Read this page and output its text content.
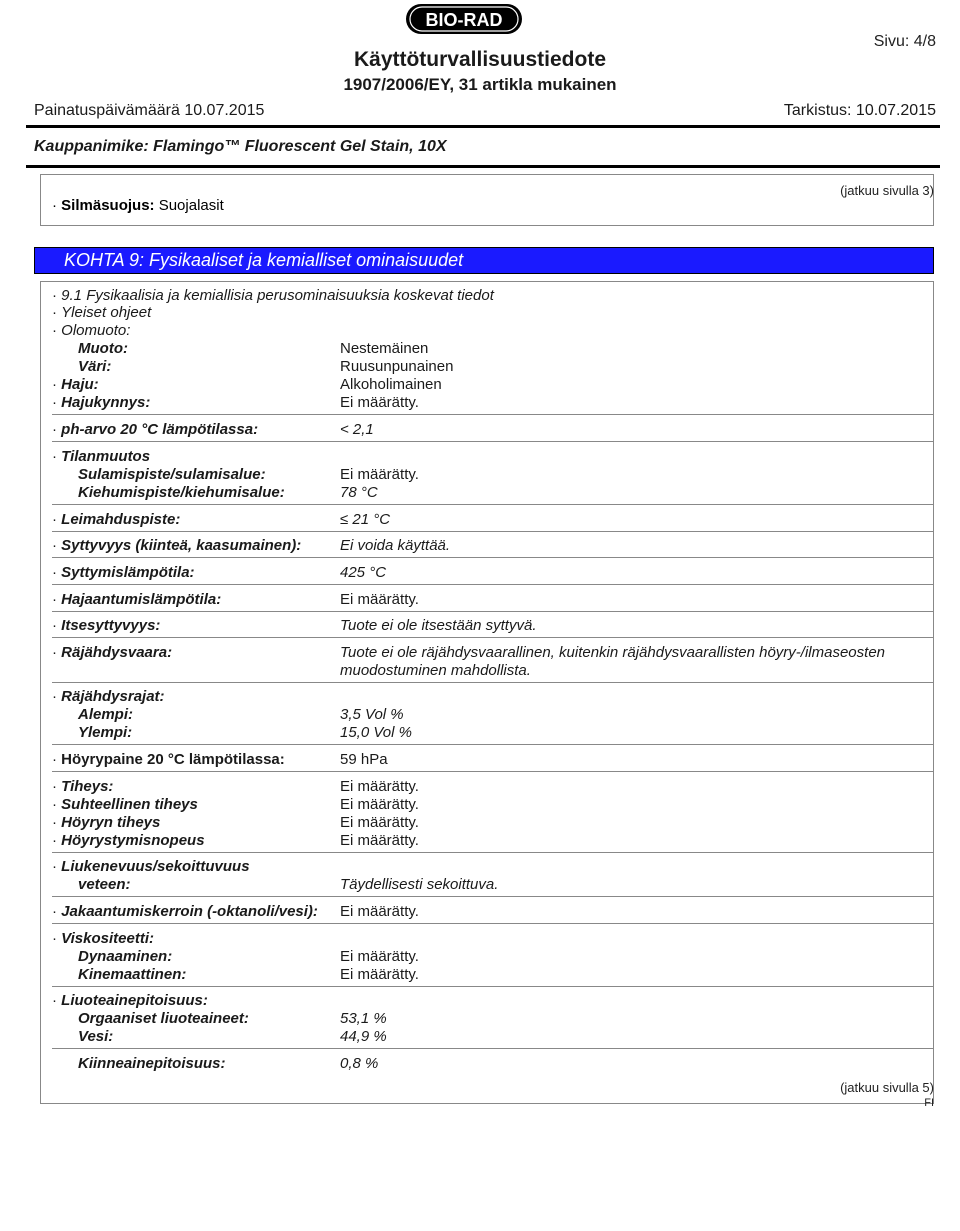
BIO-RAD
Sivu: 4/8
Käyttöturvallisuustiedote
1907/2006/EY, 31 artikla mukainen
Painatuspäivämäärä 10.07.2015	Tarkistus: 10.07.2015
Kauppanimike: Flamingo™ Fluorescent Gel Stain, 10X
(jatkuu sivulla 3)
· Silmäsuojus: Suojalasit
KOHTA 9: Fysikaaliset ja kemialliset ominaisuudet
· 9.1 Fysikaalisia ja kemiallisia perusominaisuuksia koskevat tiedot
· Yleiset ohjeet
· Olomuoto:
Muoto:	Nestemäinen
Väri:	Ruusunpunainen
· Haju:	Alkoholimainen
· Hajukynnys:	Ei määrätty.
· ph-arvo 20 °C lämpötilassa:	< 2,1
· Tilanmuutos
Sulamispiste/sulamisalue:	Ei määrätty.
Kiehumispiste/kiehumisalue:	78 °C
· Leimahduspiste:	≤ 21 °C
· Syttyvyys (kiinteä, kaasumainen):	Ei voida käyttää.
· Syttymislämpötila:	425 °C
· Hajaantumislämpötila:	Ei määrätty.
· Itsesyttyvyys:	Tuote ei ole itsestään syttyvä.
· Räjähdysvaara:	Tuote ei ole räjähdysvaarallinen, kuitenkin räjähdysvaarallisten höyry-/ilmaseosten
muodostuminen mahdollista.
· Räjähdysrajat:
Alempi:	3,5 Vol %
Ylempi:	15,0 Vol %
· Höyrypaine 20 °C lämpötilassa:	59 hPa
· Tiheys:	Ei määrätty.
· Suhteellinen tiheys	Ei määrätty.
· Höyryn tiheys	Ei määrätty.
· Höyrystymisnopeus	Ei määrätty.
· Liukenevuus/sekoittuvuus
veteen:	Täydellisesti sekoittuva.
· Jakaantumiskerroin (-oktanoli/vesi): Ei määrätty.
· Viskositeetti:
Dynaaminen:	Ei määrätty.
Kinemaattinen:	Ei määrätty.
· Liuoteainepitoisuus:
Orgaaniset liuoteaineet:	53,1 %
Vesi:	44,9 %
Kiinneainepitoisuus:	0,8 %
(jatkuu sivulla 5)
FI
